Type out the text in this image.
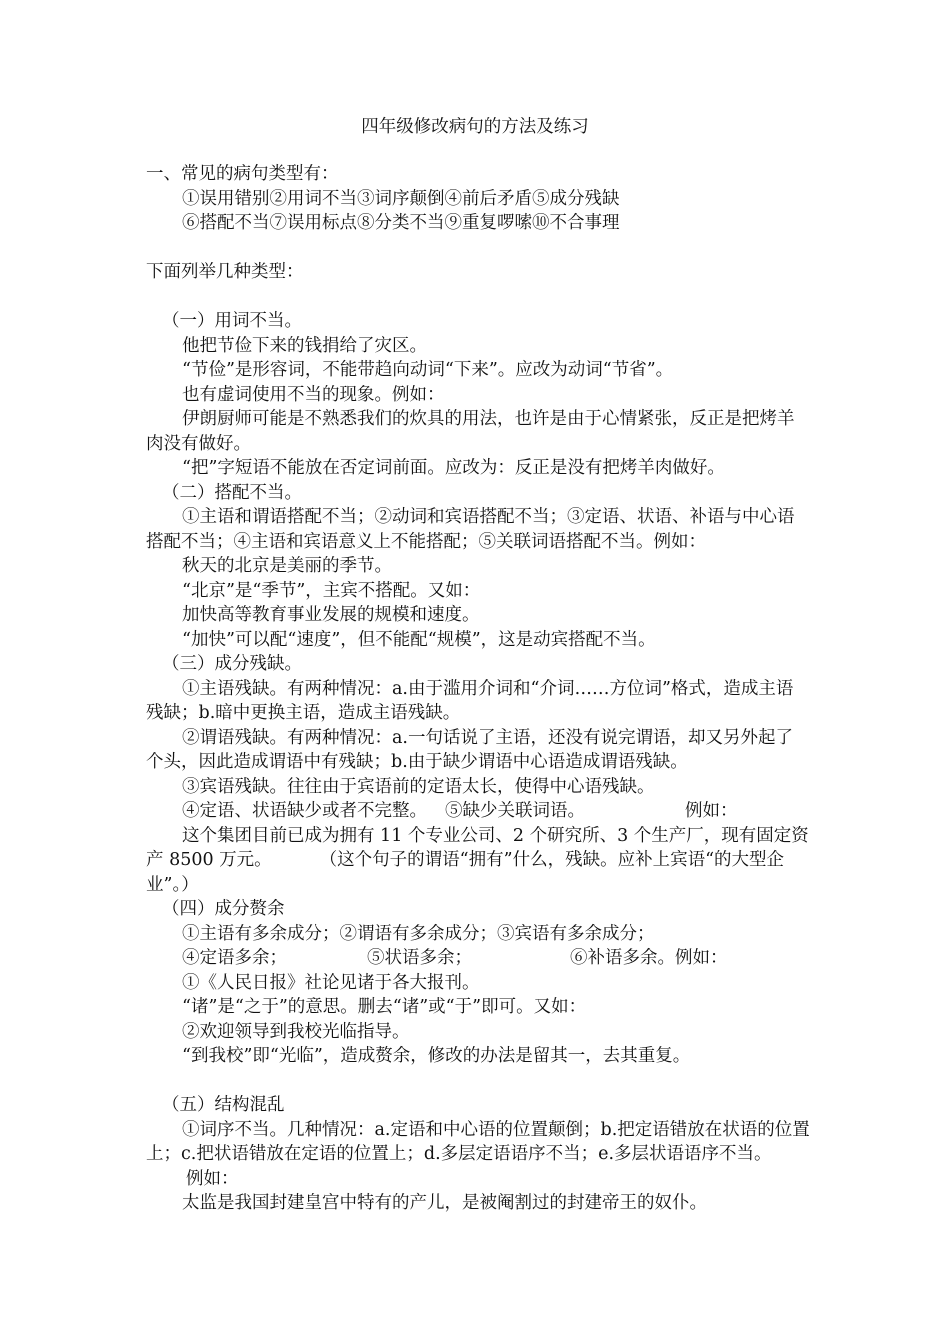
四年级修改病句的方法及练习

一、常见的病句类型有：

①误用错别②用词不当③词序颠倒④前后矛盾⑤成分残缺

⑥搭配不当⑦误用标点⑧分类不当⑨重复啰嗦⑩不合事理

下面列举几种类型：

（一）用词不当。

他把节俭下来的钱捐给了灾区。

“节俭”是形容词，不能带趋向动词“下来”。应改为动词“节省”。

也有虚词使用不当的现象。例如：

伊朗厨师可能是不熟悉我们的炊具的用法，也许是由于心情紧张，反正是把烤羊肉没有做好。

“把”字短语不能放在否定词前面。应改为：反正是没有把烤羊肉做好。

（二）搭配不当。

①主语和谓语搭配不当；②动词和宾语搭配不当；③定语、状语、补语与中心语搭配不当；④主语和宾语意义上不能搭配；⑤关联词语搭配不当。例如：

秋天的北京是美丽的季节。

“北京”是“季节”，主宾不搭配。又如：

加快高等教育事业发展的规模和速度。

“加快”可以配“速度”，但不能配“规模”，这是动宾搭配不当。

（三）成分残缺。

①主语残缺。有两种情况：a.由于滥用介词和“介词……方位词”格式，造成主语残缺；b.暗中更换主语，造成主语残缺。

②谓语残缺。有两种情况：a.一句话说了主语，还没有说完谓语，却又另外起了个头，因此造成谓语中有残缺；b.由于缺少谓语中心语造成谓语残缺。

③宾语残缺。往往由于宾语前的定语太长，使得中心语残缺。

④定语、状语缺少或者不完整。 ⑤缺少关联词语。	例如：

这个集团目前已成为拥有 11 个专业公司、2 个研究所、3 个生产厂，现有固定资产 8500 万元。	（这个句子的谓语“拥有”什么，残缺。应补上宾语“的大型企业”。）

（四）成分赘余

①主语有多余成分；②谓语有多余成分；③宾语有多余成分；

④定语多余；	⑤状语多余；	⑥补语多余。例如：

①《人民日报》社论见诸于各大报刊。

“诸”是“之于”的意思。删去“诸”或“于”即可。又如：

②欢迎领导到我校光临指导。

“到我校”即“光临”，造成赘余，修改的办法是留其一，去其重复。

（五）结构混乱

①词序不当。几种情况：a.定语和中心语的位置颠倒；b.把定语错放在状语的位置上；c.把状语错放在定语的位置上；d.多层定语语序不当；e.多层状语语序不当。例如：

太监是我国封建皇宫中特有的产儿，是被阉割过的封建帝王的奴仆。
